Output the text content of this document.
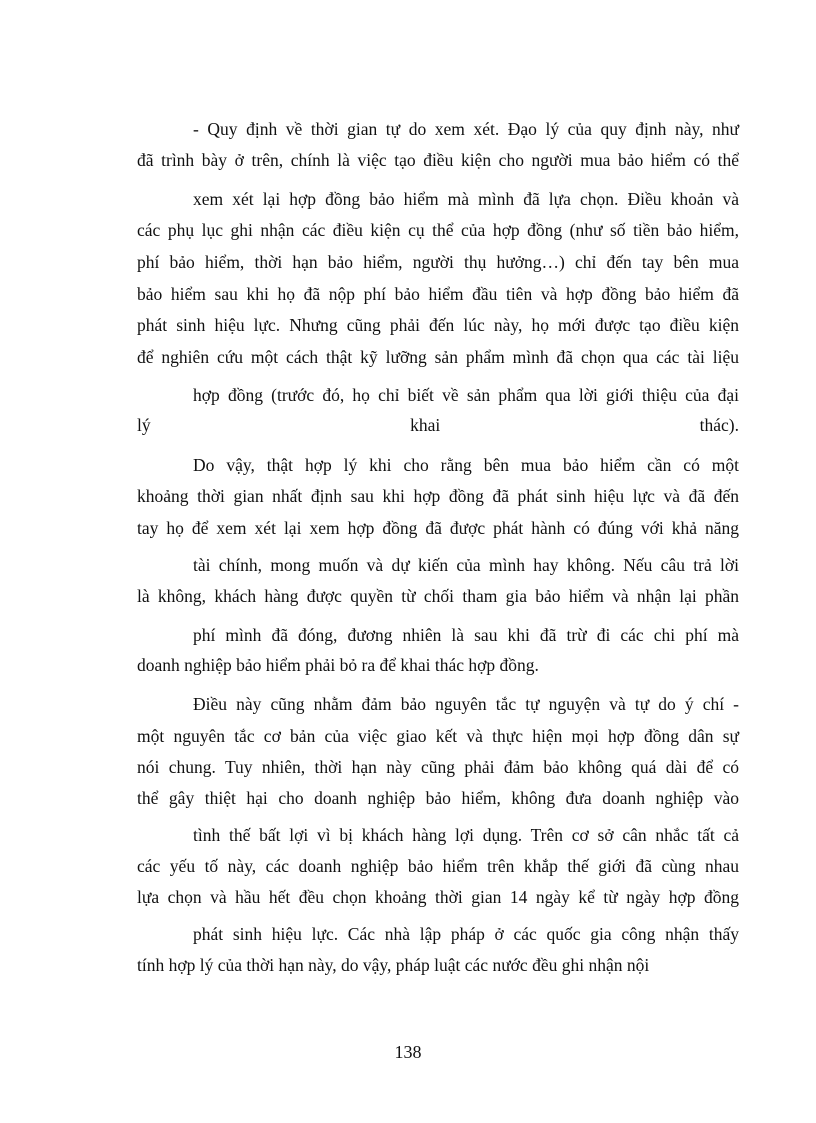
- Quy định về thời gian tự do xem xét. Đạo lý của quy định này, như

đã trình bày ở trên, chính là việc tạo điều kiện cho người mua bảo hiểm có thể

xem xét lại hợp đồng bảo hiểm mà mình đã lựa chọn. Điều khoản và

các phụ lục ghi nhận các điều kiện cụ thể của hợp đồng (như số tiền bảo hiểm,

phí bảo hiểm, thời hạn bảo hiểm, người thụ hưởng…) chỉ đến tay bên mua

bảo hiểm sau khi họ đã nộp phí bảo hiểm đầu tiên và hợp đồng bảo hiểm đã

phát sinh hiệu lực. Nhưng cũng phải đến lúc này, họ mới được tạo điều kiện

để nghiên cứu một cách thật kỹ lưỡng sản phẩm mình đã chọn qua các tài liệu

hợp đồng (trước đó, họ chỉ biết về sản phẩm qua lời giới thiệu của đại

lý khai thác).

Do vậy, thật hợp lý khi cho rằng bên mua bảo hiểm cần có một

khoảng thời gian nhất định sau khi hợp đồng đã phát sinh hiệu lực và đã đến

tay họ để xem xét lại xem hợp đồng đã được phát hành có đúng với khả năng

tài chính, mong muốn và dự kiến của mình hay không. Nếu câu trả lời

là không, khách hàng được quyền từ chối tham gia bảo hiểm và nhận lại phần

phí mình đã đóng, đương nhiên là sau khi đã trừ đi các chi phí mà

doanh nghiệp bảo hiểm phải bỏ ra để khai thác hợp đồng.

Điều này cũng nhằm đảm bảo nguyên tắc tự nguyện và tự do ý chí -

một nguyên tắc cơ bản của việc giao kết và thực hiện mọi hợp đồng dân sự

nói chung. Tuy nhiên, thời hạn này cũng phải đảm bảo không quá dài để có

thể gây thiệt hại cho doanh nghiệp bảo hiểm, không đưa doanh nghiệp vào

tình thế bất lợi vì bị khách hàng lợi dụng. Trên cơ sở cân nhắc tất cả

các yếu tố này, các doanh nghiệp bảo hiểm trên khắp thế giới đã cùng nhau

lựa chọn và hầu hết đều chọn khoảng thời gian 14 ngày kể từ ngày hợp đồng

phát sinh hiệu lực. Các nhà lập pháp ở các quốc gia công nhận thấy

tính hợp lý của thời hạn này, do vậy, pháp luật các nước đều ghi nhận nội

138
